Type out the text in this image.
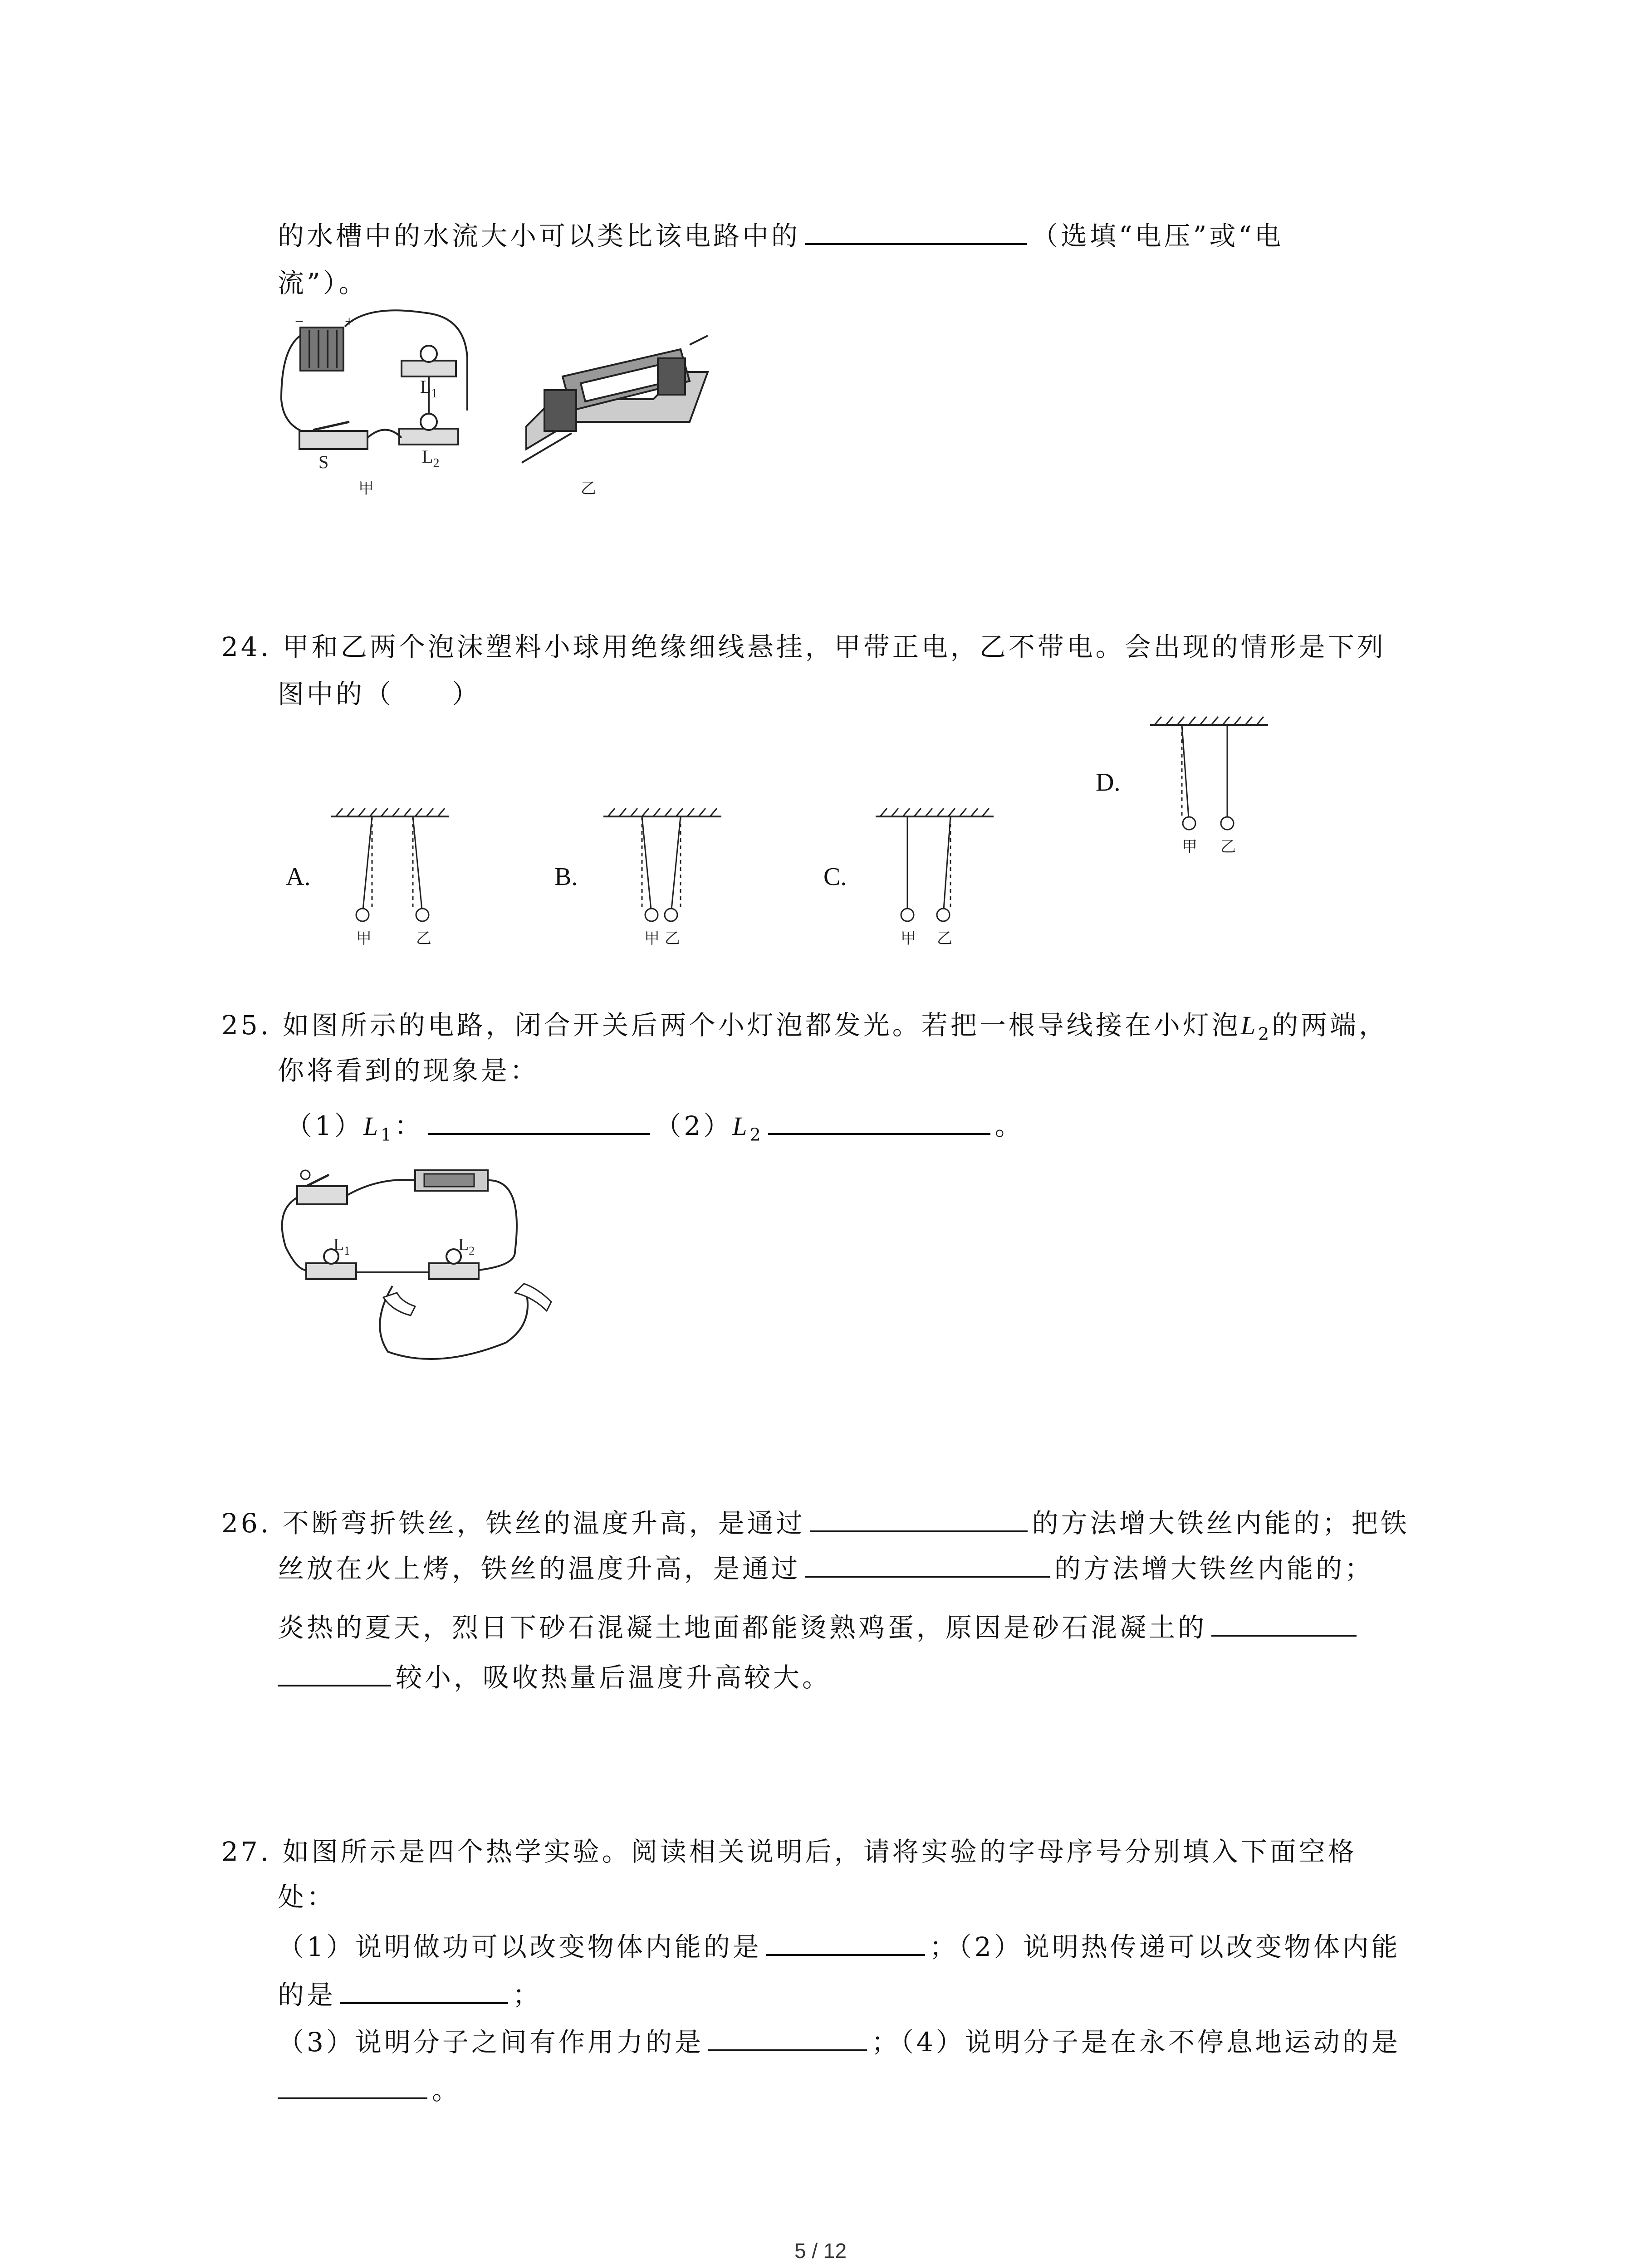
的水槽中的水流大小可以类比该电路中的	（选填“电压”或“电
流”）。
−	+
$L_1$
$L_2$
S
甲	乙
24. 甲和乙两个泡沫塑料小球用绝缘细线悬挂，甲带正电，乙不带电。会出现的情形是下列
图中的（　　）
A.
甲	乙
B.
甲 乙
C.
甲 乙
D.
甲 乙
25. 如图所示的电路，闭合开关后两个小灯泡都发光。若把一根导线接在小灯泡$L_2$的两端，
你将看到的现象是：
$(1)L_1$：	$(2)L_2$	。
$L_1$	$L_2$
26. 不断弯折铁丝，铁丝的温度升高，是通过	的方法增大铁丝内能的；把铁
丝放在火上烤，铁丝的温度升高，是通过	的方法增大铁丝内能的；
炎热的夏天，烈日下砂石混凝土地面都能烫熟鸡蛋，原因是砂石混凝土的
较小，吸收热量后温度升高较大。
27. 如图所示是四个热学实验。阅读相关说明后，请将实验的字母序号分别填入下面空格
处：
（1）说明做功可以改变物体内能的是	；（2）说明热传递可以改变物体内能
的是	；
（3）说明分子之间有作用力的是	；（4）说明分子是在永不停息地运动的是
。
5 / 12
